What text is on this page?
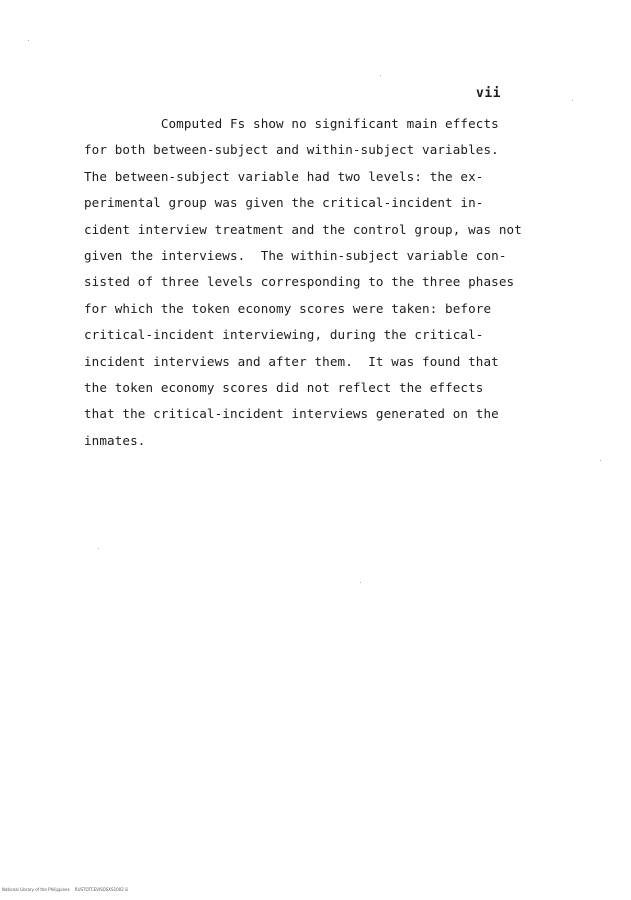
vii
Computed Fs show no significant main effects
for both between-subject and within-subject variables.
The between-subject variable had two levels: the ex-
perimental group was given the critical-incident in-
cident interview treatment and the control group, was not
given the interviews.  The within-subject variable con-
sisted of three levels corresponding to the three phases
for which the token economy scores were taken: before
critical-incident interviewing, during the critical-
incident interviews and after them.  It was found that
the token economy scores did not reflect the effects
that the critical-incident interviews generated on the
inmates.
National Library of the Philippines    RUSTOTCEVISOSXS1002 iii
